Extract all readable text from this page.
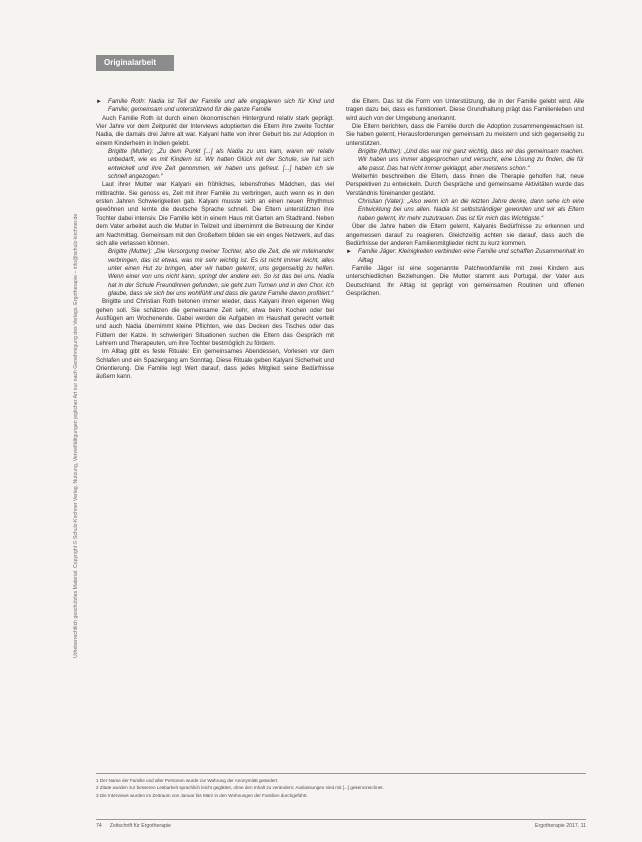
Urheberrechtlich geschütztes Material. Copyright © Schulz-Kirchner Verlag. Nutzung, Vervielfältigungen jeglicher Art nur nach Genehmigung des Verlags. Ergotherapie – info@schulz-kirchner.de
Originalarbeit

► Familie Roth: Nadia ist Teil der Familie und alle engagieren sich für Kind und Familie; gemeinsam und unterstützend für die ganze Familie

Auch Familie Roth ist durch einen ökonomischen Hintergrund relativ stark geprägt. Vier Jahre vor dem Zeitpunkt der Interviews adoptierten die Eltern ihre zweite Tochter Nadia, die damals drei Jahre alt war. Kalyani hatte von ihrer Geburt bis zur Adoption in einem Kinderheim in Indien gelebt.

Brigitte (Mutter): „Zu dem Punkt [...] als Nadia zu uns kam, waren wir relativ unbedarft, wie es mit Kindern ist. Wir hatten Glück mit der Schule, sie hat sich entwickelt und ihre Zeit genommen, wir haben uns gefreut. [...] haben ich sie schnell angezogen.“

Laut ihrer Mutter war Kalyani ein fröhliches, lebensfrohes Mädchen, das viel mitbrachte. Sie genoss es, Zeit mit ihrer Familie zu verbringen, auch wenn es in den ersten Jahren Schwierigkeiten gab. Kalyani musste sich an einen neuen Rhythmus gewöhnen und lernte die deutsche Sprache schnell. Die Eltern unterstützten ihre Tochter dabei intensiv. Die Familie lebt in einem Haus mit Garten am Stadtrand. Neben dem Vater arbeitet auch die Mutter in Teilzeit und übernimmt die Betreuung der Kinder am Nachmittag. Gemeinsam mit den Großeltern bilden sie ein enges Netzwerk, auf das sich alle verlassen können.

Brigitte (Mutter): „Die Versorgung meiner Tochter, also die Zeit, die wir miteinander verbringen, das ist etwas, was mir sehr wichtig ist. Es ist nicht immer leicht, alles unter einen Hut zu bringen, aber wir haben gelernt, uns gegenseitig zu helfen. Wenn einer von uns nicht kann, springt der andere ein. So ist das bei uns. Nadia hat in der Schule Freundinnen gefunden, sie geht zum Turnen und in den Chor. Ich glaube, dass sie sich bei uns wohlfühlt und dass die ganze Familie davon profitiert.“

Brigitte und Christian Roth betonen immer wieder, dass Kalyani ihren eigenen Weg gehen soll. Sie schätzen die gemeinsame Zeit sehr, etwa beim Kochen oder bei Ausflügen am Wochenende. Dabei werden die Aufgaben im Haushalt gerecht verteilt und auch Nadia übernimmt kleine Pflichten, wie das Decken des Tisches oder das Füttern der Katze. In schwierigen Situationen suchen die Eltern das Gespräch mit Lehrern und Therapeuten, um ihre Tochter bestmöglich zu fördern.

Im Alltag gibt es feste Rituale: Ein gemeinsames Abendessen, Vorlesen vor dem Schlafen und ein Spaziergang am Sonntag. Diese Rituale geben Kalyani Sicherheit und Orientierung. Die Familie legt Wert darauf, dass jedes Mitglied seine Bedürfnisse äußern kann.

die Eltern. Das ist die Form von Unterstützung, die in der Familie gelebt wird. Alle tragen dazu bei, dass es funktioniert. Diese Grundhaltung prägt das Familienleben und wird auch von der Umgebung anerkannt.

Die Eltern berichten, dass die Familie durch die Adoption zusammengewachsen ist. Sie haben gelernt, Herausforderungen gemeinsam zu meistern und sich gegenseitig zu unterstützen.

Brigitte (Mutter): „Und das war mir ganz wichtig, dass wir das gemeinsam machen. Wir haben uns immer abgesprochen und versucht, eine Lösung zu finden, die für alle passt. Das hat nicht immer geklappt, aber meistens schon.“

Weiterhin beschreiben die Eltern, dass ihnen die Therapie geholfen hat, neue Perspektiven zu entwickeln. Durch Gespräche und gemeinsame Aktivitäten wurde das Verständnis füreinander gestärkt.

Christian (Vater): „Also wenn ich an die letzten Jahre denke, dann sehe ich eine Entwicklung bei uns allen. Nadia ist selbstständiger geworden und wir als Eltern haben gelernt, ihr mehr zuzutrauen. Das ist für mich das Wichtigste.“

Über die Jahre haben die Eltern gelernt, Kalyanis Bedürfnisse zu erkennen und angemessen darauf zu reagieren. Gleichzeitig achten sie darauf, dass auch die Bedürfnisse der anderen Familienmitglieder nicht zu kurz kommen.

► Familie Jäger: Kleinigkeiten verbinden eine Familie und schaffen Zusammenhalt im Alltag

Familie Jäger ist eine sogenannte Patchworkfamilie mit zwei Kindern aus unterschiedlichen Beziehungen. Die Mutter stammt aus Portugal, der Vater aus Deutschland. Ihr Alltag ist geprägt von gemeinsamen Routinen und offenen Gesprächen.

1 Der Name der Familie und aller Personen wurde zur Wahrung der Anonymität geändert.
2 Zitate wurden zur besseren Lesbarkeit sprachlich leicht geglättet, ohne den Inhalt zu verändern; Auslassungen sind mit [...] gekennzeichnet.
3 Die Interviews wurden im Zeitraum von Januar bis März in den Wohnungen der Familien durchgeführt.
74 Zeitschrift für Ergotherapie	Ergotherapie 2017, 11
